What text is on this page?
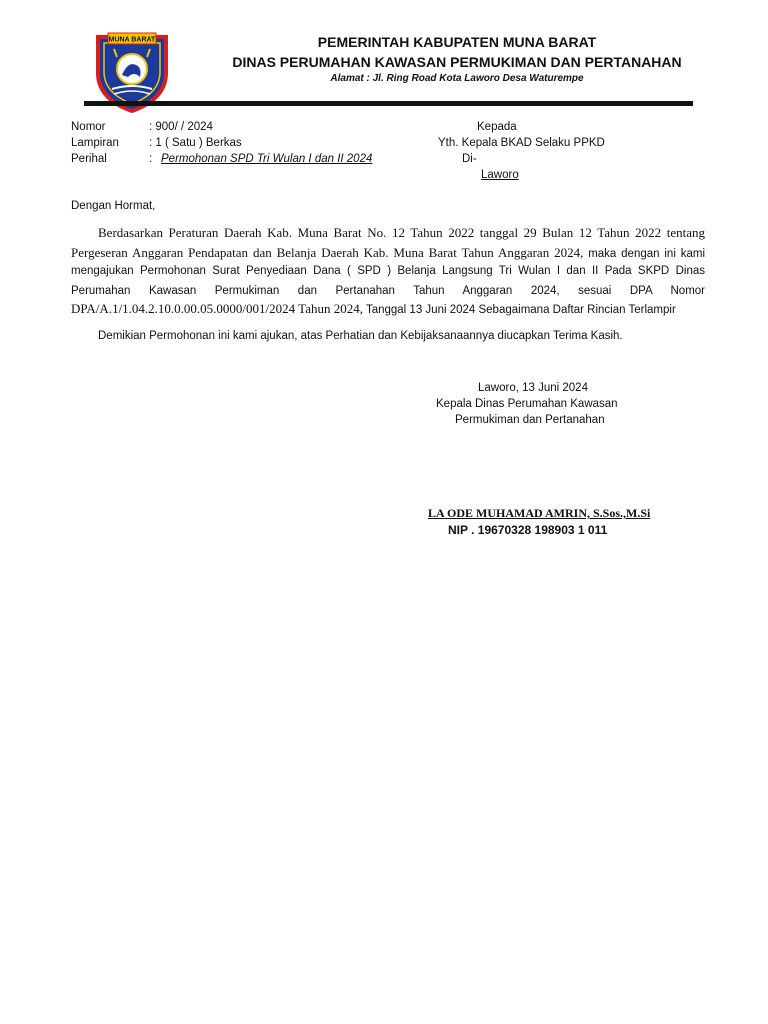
MUNA BARAT	PEMERINTAH KABUPATEN MUNA BARAT
DINAS PERUMAHAN KAWASAN PERMUKIMAN DAN PERTANAHAN
Alamat : Jl. Ring Road Kota Laworo Desa Waturempe
Nomor	: 900/ / 2024
Lampiran	: 1 ( Satu ) Berkas
Perihal	: Permohonan SPD Tri Wulan I dan II 2024
Kepada
Yth. Kepala BKAD Selaku PPKD
Di-
Laworo
Dengan Hormat,

Berdasarkan Peraturan Daerah Kab. Muna Barat No. 12 Tahun 2022 tanggal 29 Bulan 12 Tahun 2022 tentang Pergeseran Anggaran Pendapatan dan Belanja Daerah Kab. Muna Barat Tahun Anggaran 2024, maka dengan ini kami mengajukan Permohonan Surat Penyediaan Dana ( SPD ) Belanja Langsung Tri Wulan I dan II Pada SKPD Dinas Perumahan Kawasan Permukiman dan Pertanahan Tahun Anggaran 2024, sesuai DPA Nomor DPA/A.1/1.04.2.10.0.00.05.0000/001/2024 Tahun 2024, Tanggal 13 Juni 2024 Sebagaimana Daftar Rincian Terlampir

Demikian Permohonan ini kami ajukan, atas Perhatian dan Kebijaksanaannya diucapkan Terima Kasih.
Laworo, 13 Juni 2024
Kepala Dinas Perumahan Kawasan
Permukiman dan Pertanahan
LA ODE MUHAMAD AMRIN, S.Sos.,M.Si
NIP . 19670328 198903 1 011
